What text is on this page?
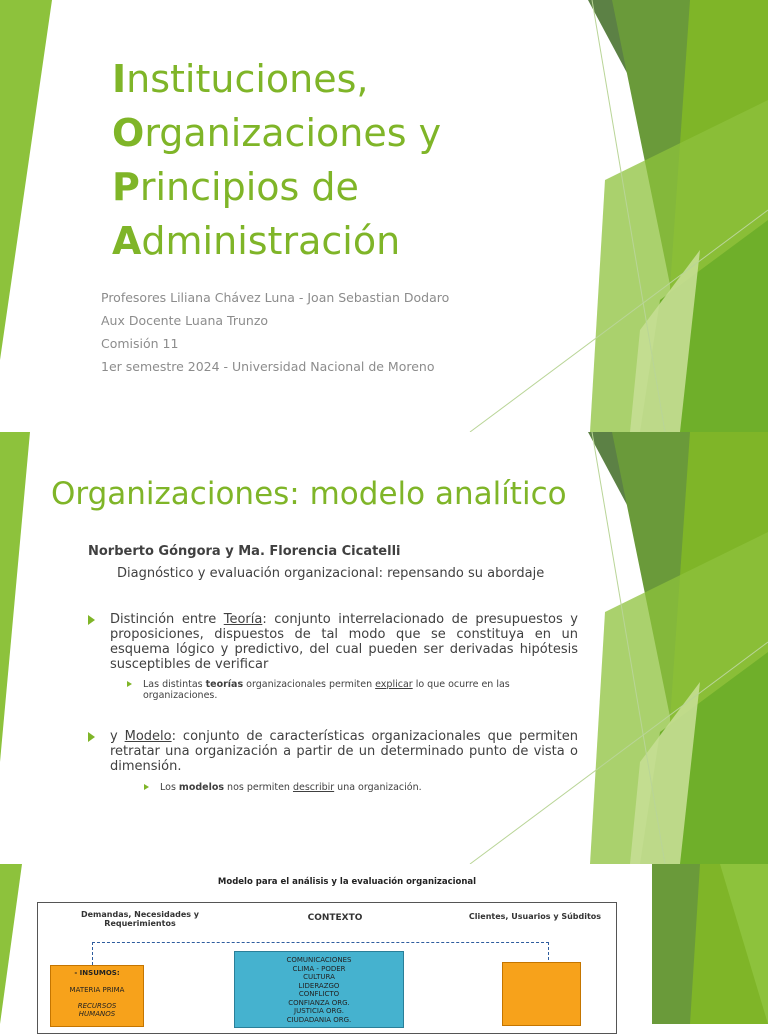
Instituciones,
Organizaciones y
Principios de
Administración
Profesores Liliana Chávez Luna - Joan Sebastian Dodaro
Aux Docente Luana Trunzo
Comisión 11
1er semestre 2024 - Universidad Nacional de Moreno
Organizaciones: modelo analítico
Norberto Góngora y Ma. Florencia Cicatelli
Diagnóstico y evaluación organizacional: repensando su abordaje
Distinción entre Teoría: conjunto interrelacionado de presupuestos y proposiciones, dispuestos de tal modo que se constituya en un esquema lógico y predictivo, del cual pueden ser derivadas hipótesis susceptibles de verificar
Las distintas teorías organizacionales permiten explicar lo que ocurre en las organizaciones.
y Modelo: conjunto de características organizacionales que permiten retratar una organización a partir de un determinado punto de vista o dimensión.
Los modelos nos permiten describir una organización.
Modelo para el análisis y la evaluación organizacional
Demandas, Necesidades y Requerimientos
CONTEXTO	Clientes, Usuarios y Súbditos
- INSUMOS:
MATERIA PRIMA
RECURSOS
HUMANOS
COMUNICACIONES
CLIMA - PODER
CULTURA
LIDERAZGO
CONFLICTO
CONFIANZA ORG.
JUSTICIA ORG.
CIUDADANIA ORG.
